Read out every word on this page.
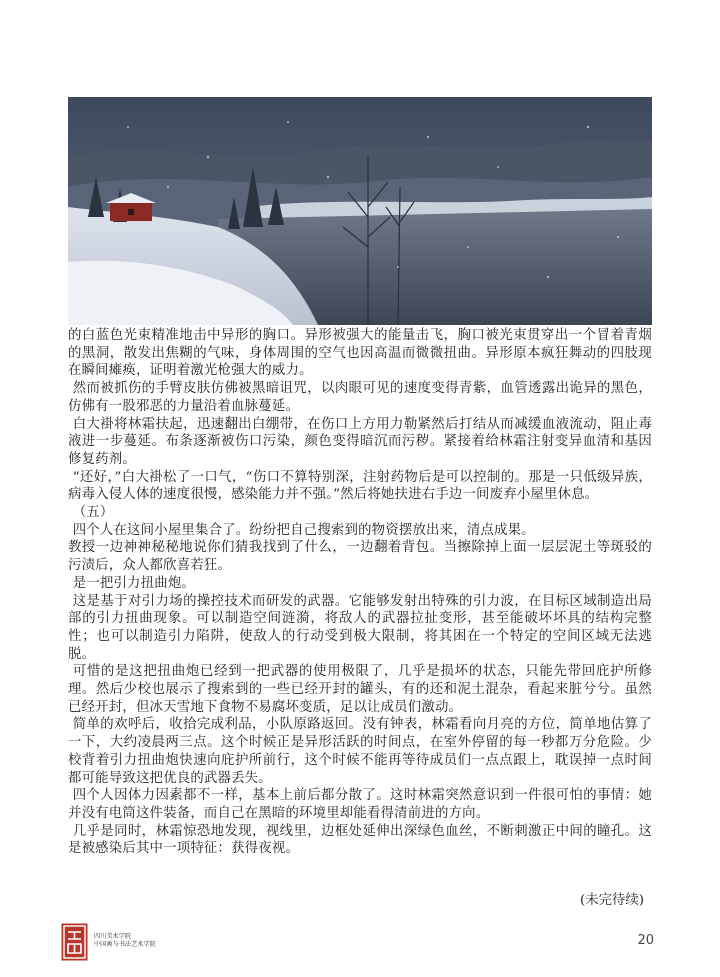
的白蓝色光束精准地击中异形的胸口。异形被强大的能量击飞，胸口被光束贯穿出一个冒着青烟的黑洞，散发出焦糊的气味，身体周围的空气也因高温而微微扭曲。异形原本疯狂舞动的四肢现在瞬间瘫痪，证明着激光枪强大的威力。

然而被抓伤的手臂皮肤仿佛被黑暗诅咒，以肉眼可见的速度变得青紫，血管透露出诡异的黑色，仿佛有一股邪恶的力量沿着血脉蔓延。

白大褂将林霜扶起，迅速翻出白绷带，在伤口上方用力勒紧然后打结从而减缓血液流动，阻止毒液进一步蔓延。布条逐渐被伤口污染，颜色变得暗沉而污秽。紧接着给林霜注射变异血清和基因修复药剂。

“还好，”白大褂松了一口气，“伤口不算特别深，注射药物后是可以控制的。那是一只低级异族，病毒入侵人体的速度很慢，感染能力并不强。”然后将她扶进右手边一间废弃小屋里休息。

（五）

四个人在这间小屋里集合了。纷纷把自己搜索到的物资摆放出来，清点成果。

教授一边神神秘秘地说你们猜我找到了什么，一边翻着背包。当擦除掉上面一层层泥土等斑驳的污渍后，众人都欣喜若狂。

是一把引力扭曲炮。

这是基于对引力场的操控技术而研发的武器。它能够发射出特殊的引力波，在目标区域制造出局部的引力扭曲现象。可以制造空间涟漪，将敌人的武器拉扯变形，甚至能破坏坏具的结构完整性；也可以制造引力陷阱，使敌人的行动受到极大限制，将其困在一个特定的空间区域无法逃脱。

可惜的是这把扭曲炮已经到一把武器的使用极限了，几乎是损坏的状态，只能先带回庇护所修理。然后少校也展示了搜索到的一些已经开封的罐头，有的还和泥土混杂，看起来脏兮兮。虽然已经开封，但冰天雪地下食物不易腐坏变质，足以让成员们激动。

简单的欢呼后，收拾完成利品，小队原路返回。没有钟表，林霜看向月亮的方位，简单地估算了一下，大约凌晨两三点。这个时候正是异形活跃的时间点，在室外停留的每一秒都万分危险。少校背着引力扭曲炮快速向庇护所前行，这个时候不能再等待成员们一点点跟上，耽误掉一点时间都可能导致这把优良的武器丢失。

四个人因体力因素都不一样，基本上前后都分散了。这时林霜突然意识到一件很可怕的事情：她并没有电筒这件装备，而自己在黑暗的环境里却能看得清前进的方向。

几乎是同时，林霜惊恐地发现，视线里，边框处延伸出深绿色血丝，不断刺激正中间的瞳孔。这是被感染后其中一项特征：获得夜视。

(未完待续)
四川美术学院
中国画与书法艺术学院	20
